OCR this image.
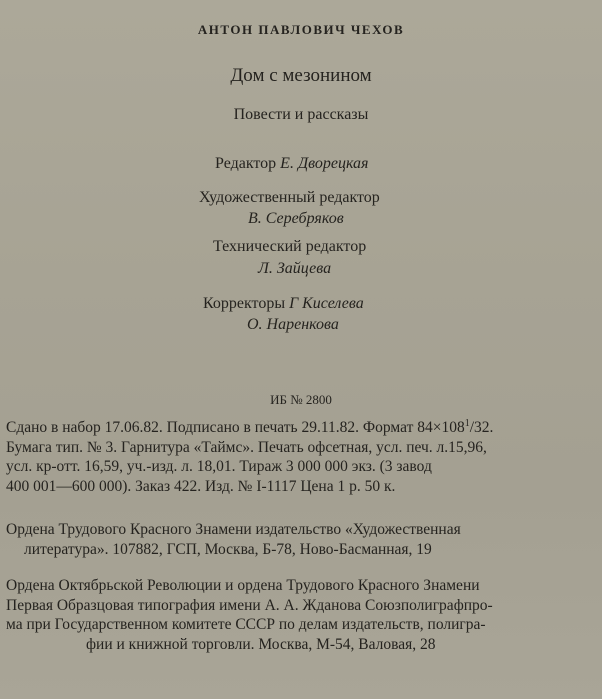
АНТОН ПАВЛОВИЧ ЧЕХОВ
Дом с мезонином
Повести и рассказы
Редактор Е. Дворецкая
Художественный редактор
В. Серебряков
Технический редактор
Л. Зайцева
Корректоры Г Киселева
О. Наренкова
ИБ № 2800
Сдано в набор 17.06.82. Подписано в печать 29.11.82. Формат $84\times 108^1/32$.
Бумага тип. № 3. Гарнитура «Таймс». Печать офсетная, усл. печ. л.15,96,
усл. кр-отт. 16,59, уч.-изд. л. 18,01. Тираж 3 000 000 экз. (3 завод
400 001—600 000). Заказ 422. Изд. № I-1117 Цена 1 р. 50 к.
Ордена Трудового Красного Знамени издательство «Художественная
литература». 107882, ГСП, Москва, Б-78, Ново-Басманная, 19
Ордена Октябрьской Революции и ордена Трудового Красного Знамени
Первая Образцовая типография имени А. А. Жданова Союзполиграфпро-
ма при Государственном комитете СССР по делам издательств, полигра-
фии и книжной торговли. Москва, М-54, Валовая, 28
